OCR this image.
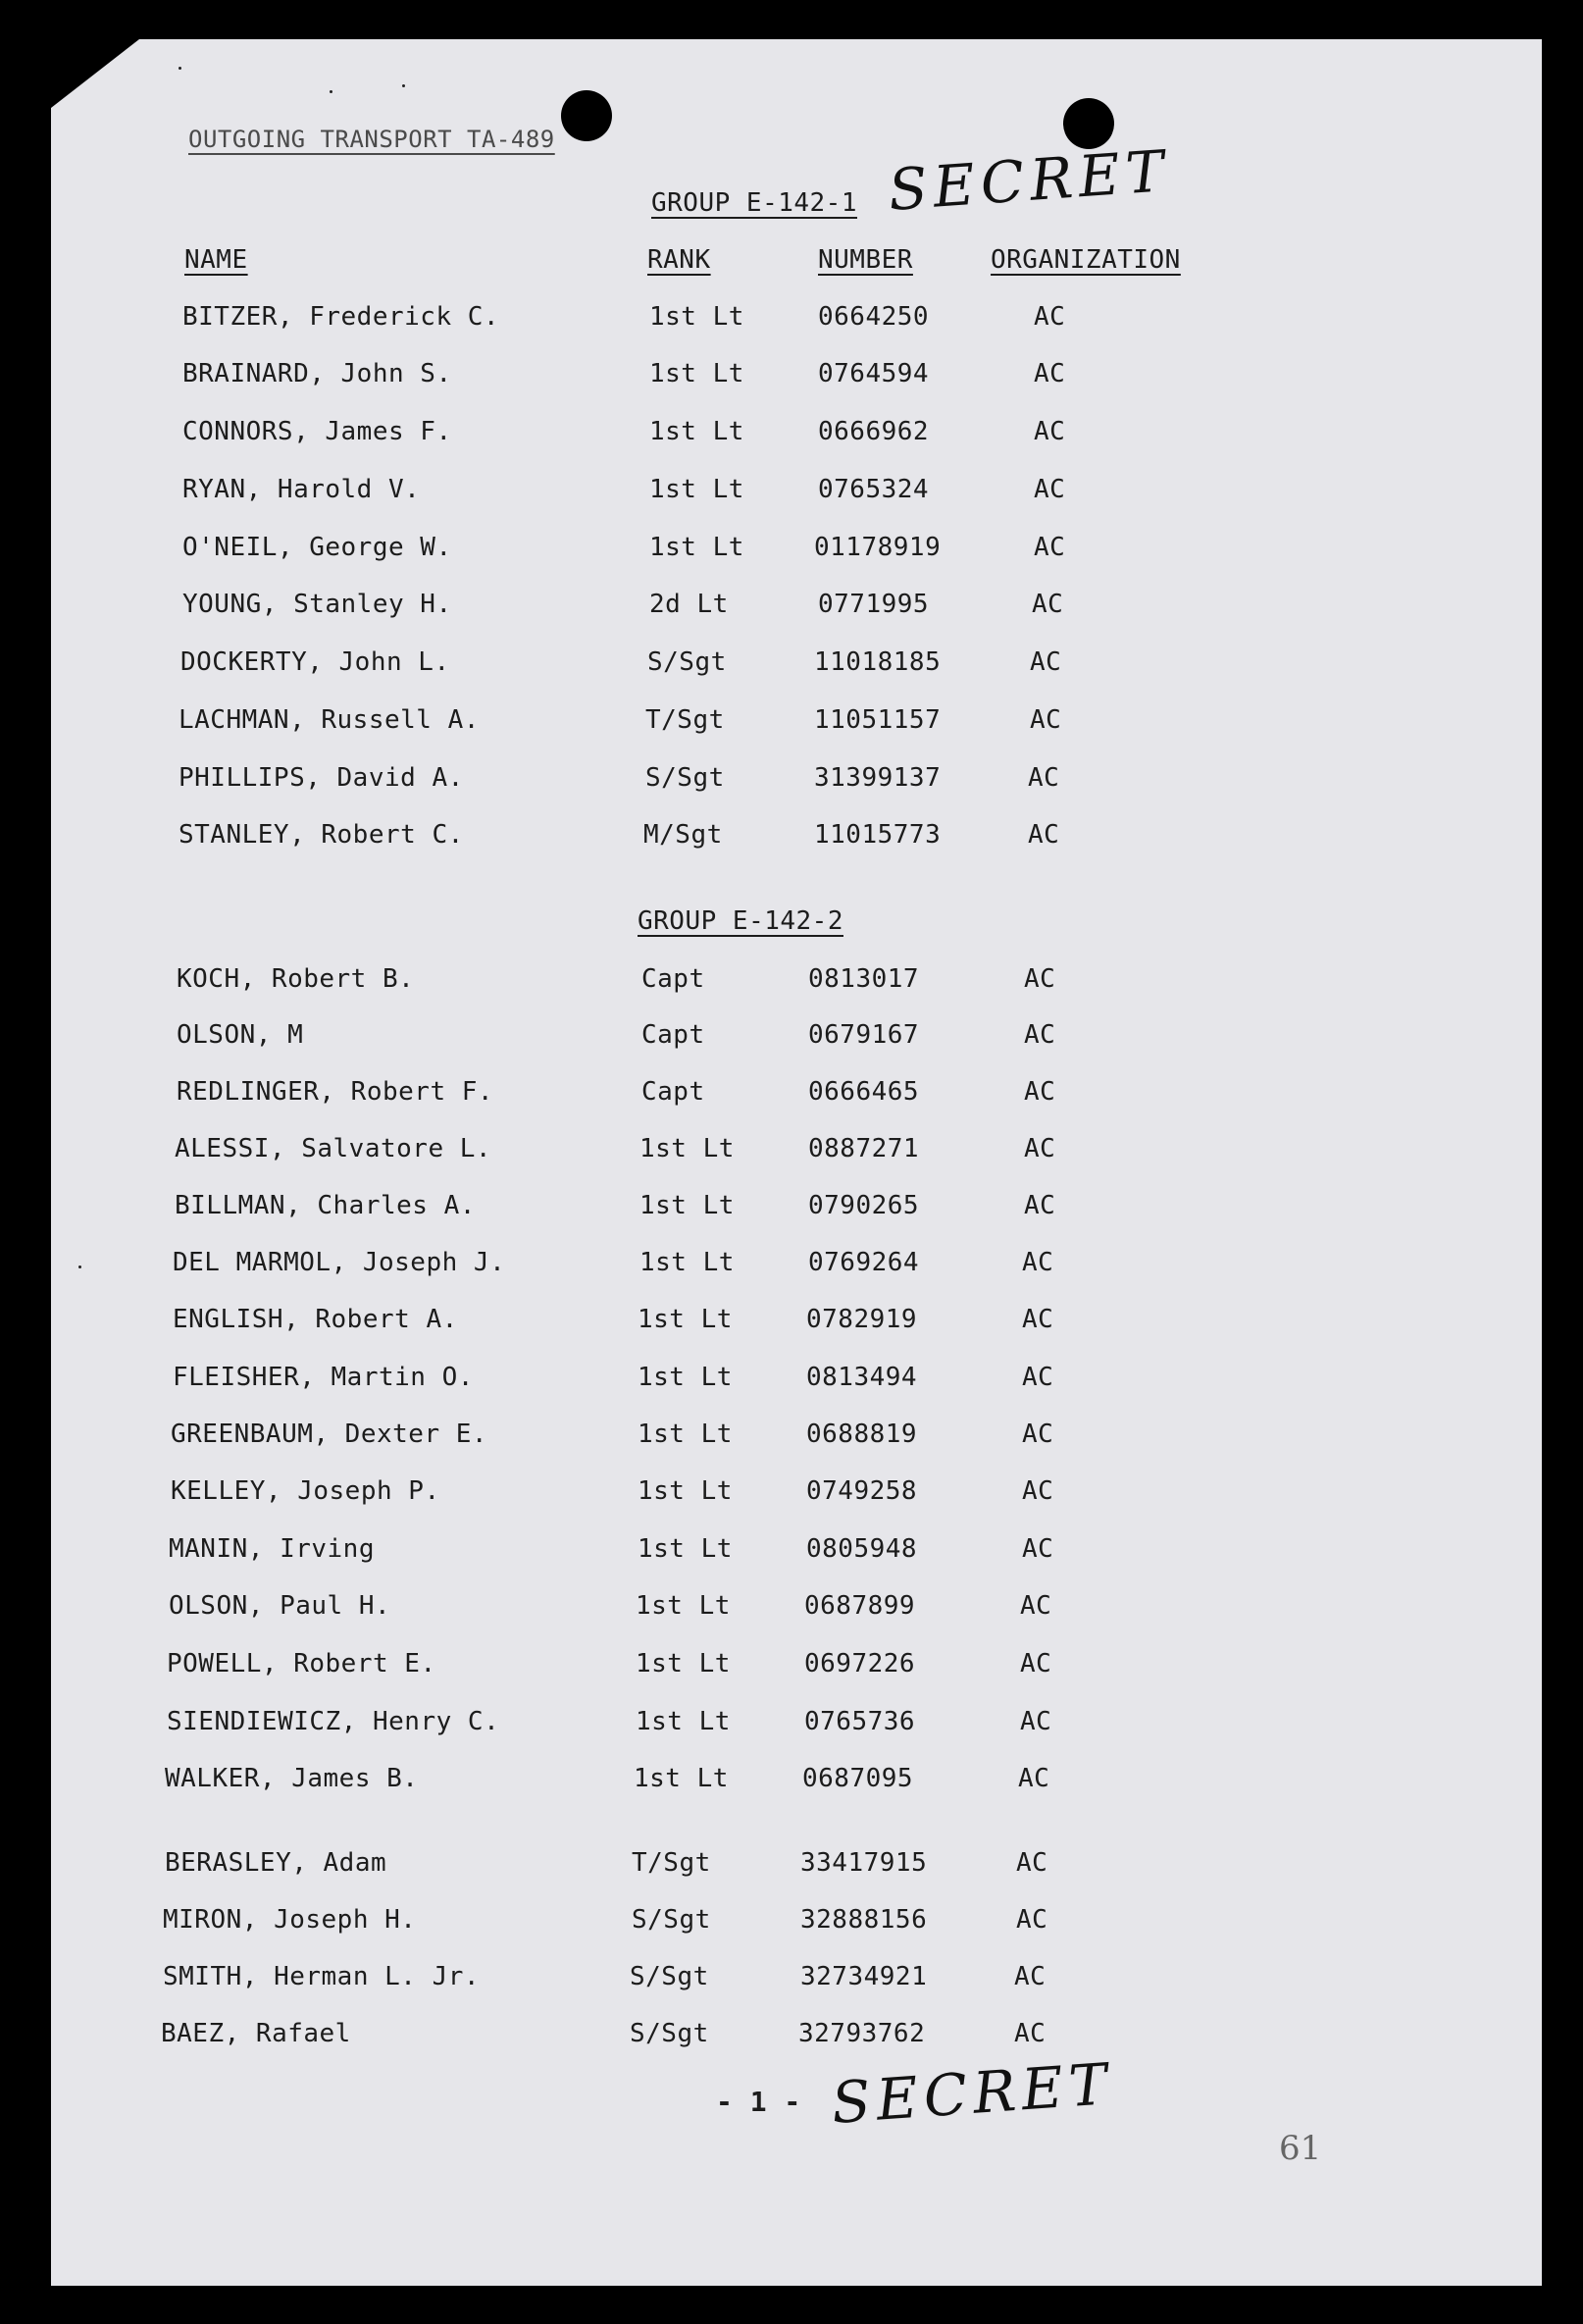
OUTGOING TRANSPORT TA-489
GROUP E-142-1 SECRET
NAME	RANK	NUMBER	ORGANIZATION
BITZER, Frederick C.	1st Lt	0664250	AC
BRAINARD, John S.	1st Lt	0764594	AC
CONNORS, James F.	1st Lt	0666962	AC
RYAN, Harold V.	1st Lt	0765324	AC
O'NEIL, George W.	1st Lt	01178919	AC
YOUNG, Stanley H.	2d Lt	0771995	AC
DOCKERTY, John L.	S/Sgt	11018185	AC
LACHMAN, Russell A.	T/Sgt	11051157	AC
PHILLIPS, David A.	S/Sgt	31399137	AC
STANLEY, Robert C.	M/Sgt	11015773	AC
GROUP E-142-2
KOCH, Robert B.	Capt	0813017	AC
OLSON, M	Capt	0679167	AC
REDLINGER, Robert F.	Capt	0666465	AC
ALESSI, Salvatore L.	1st Lt	0887271	AC
BILLMAN, Charles A.	1st Lt	0790265	AC
DEL MARMOL, Joseph J.	1st Lt	0769264	AC
ENGLISH, Robert A.	1st Lt	0782919	AC
FLEISHER, Martin O.	1st Lt	0813494	AC
GREENBAUM, Dexter E.	1st Lt	0688819	AC
KELLEY, Joseph P.	1st Lt	0749258	AC
MANIN, Irving	1st Lt	0805948	AC
OLSON, Paul H.	1st Lt	0687899	AC
POWELL, Robert E.	1st Lt	0697226	AC
SIENDIEWICZ, Henry C.	1st Lt	0765736	AC
WALKER, James B.	1st Lt	0687095	AC
BERASLEY, Adam	T/Sgt	33417915	AC
MIRON, Joseph H.	S/Sgt	32888156	AC
SMITH, Herman L. Jr.	S/Sgt	32734921	AC
BAEZ, Rafael	S/Sgt	32793762	AC
- 1 - SECRET
61
